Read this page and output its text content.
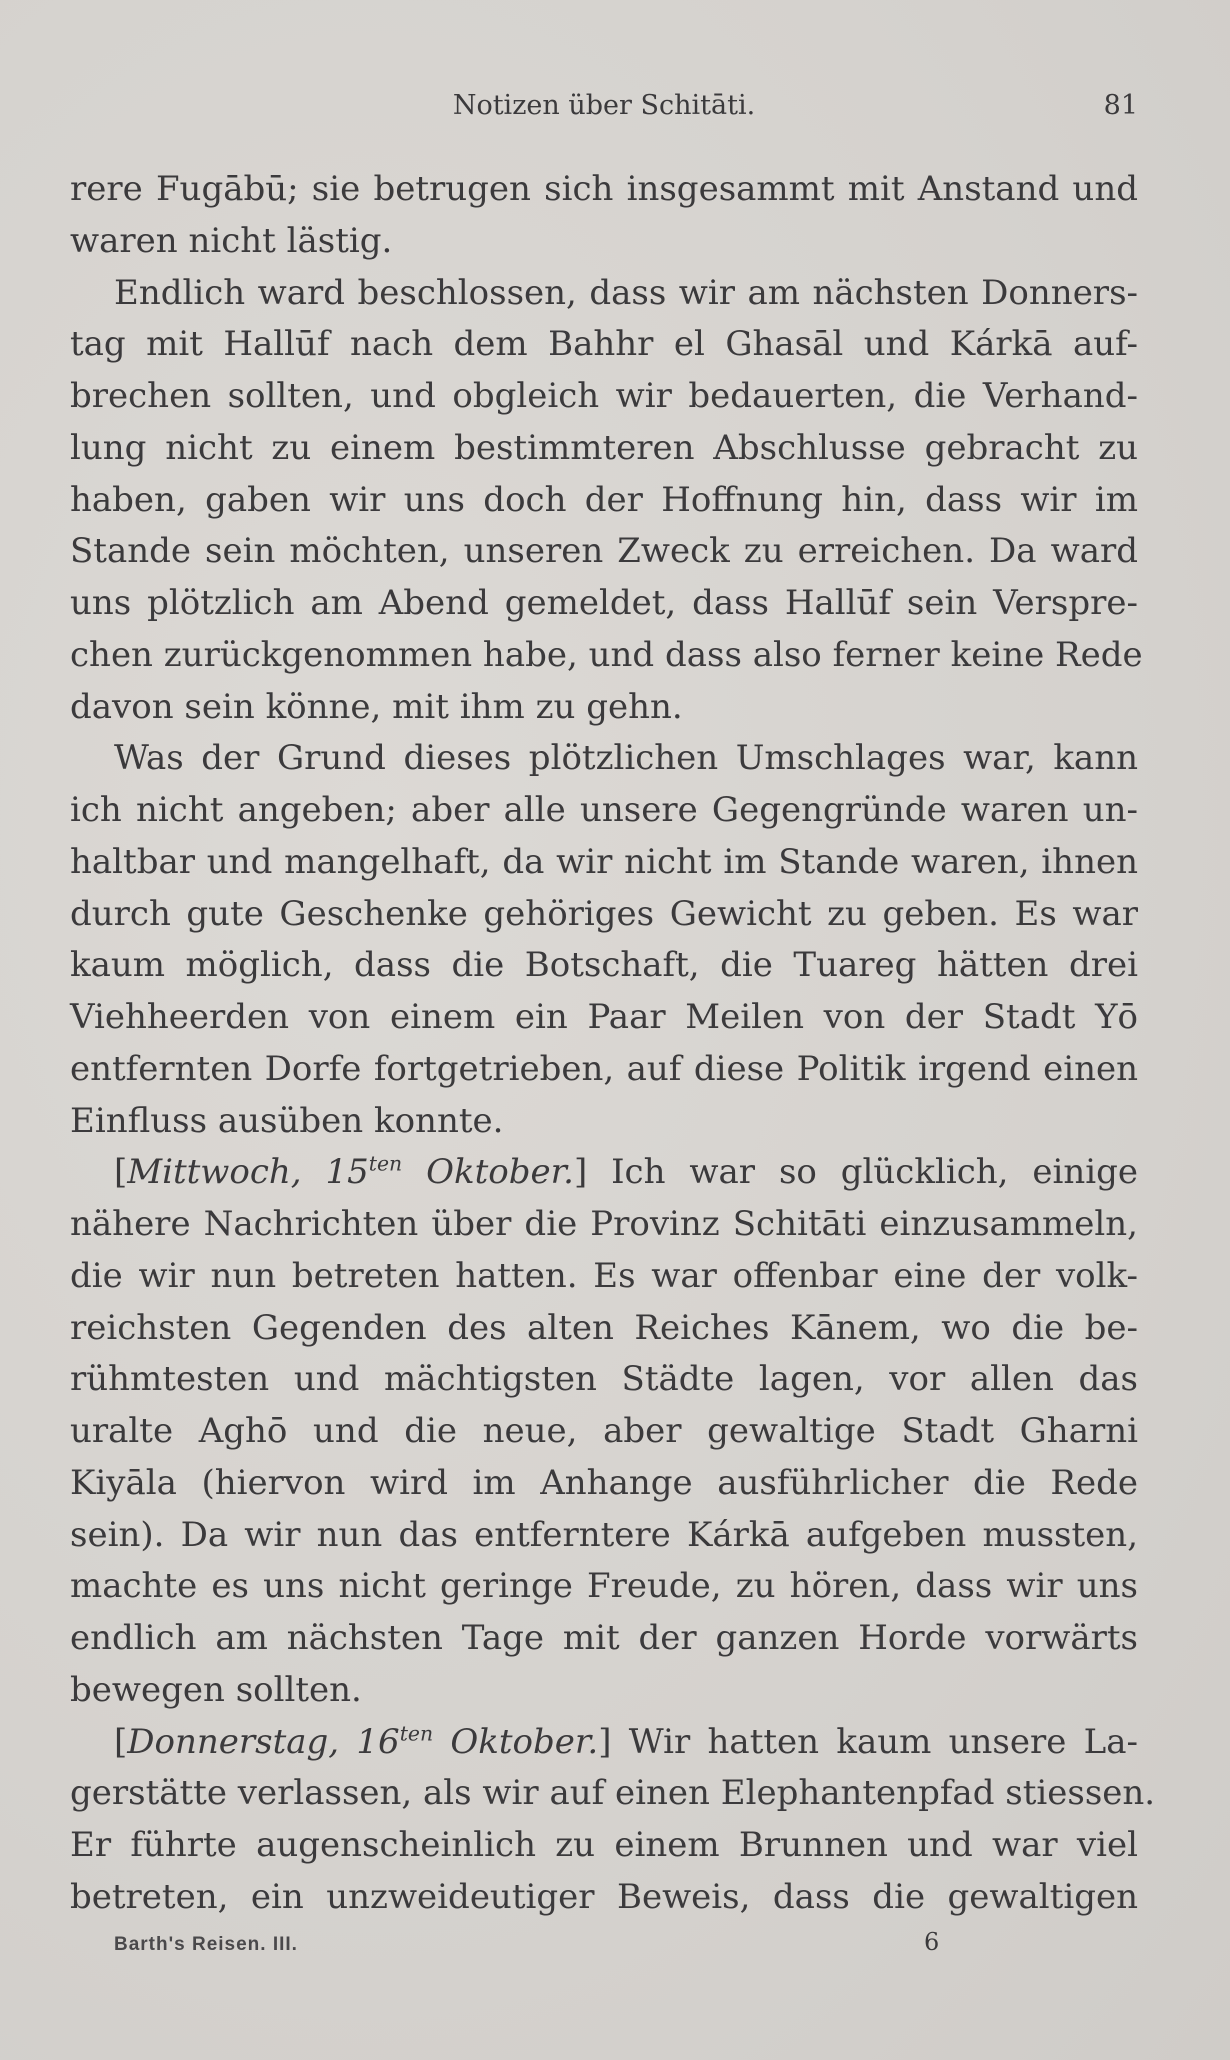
Notizen über Schitāti.	81
rere Fugābū; sie betrugen sich insgesammt mit Anstand und
waren nicht lästig.
Endlich ward beschlossen, dass wir am nächsten Donners-
tag mit Hallūf nach dem Bahhr el Ghasāl und Kárkā auf-
brechen sollten, und obgleich wir bedauerten, die Verhand-
lung nicht zu einem bestimmteren Abschlusse gebracht zu
haben, gaben wir uns doch der Hoffnung hin, dass wir im
Stande sein möchten, unseren Zweck zu erreichen. Da ward
uns plötzlich am Abend gemeldet, dass Hallūf sein Verspre-
chen zurückgenommen habe, und dass also ferner keine Rede
davon sein könne, mit ihm zu gehn.
Was der Grund dieses plötzlichen Umschlages war, kann
ich nicht angeben; aber alle unsere Gegengründe waren un-
haltbar und mangelhaft, da wir nicht im Stande waren, ihnen
durch gute Geschenke gehöriges Gewicht zu geben. Es war
kaum möglich, dass die Botschaft, die Tuareg hätten drei
Viehheerden von einem ein Paar Meilen von der Stadt Yō
entfernten Dorfe fortgetrieben, auf diese Politik irgend einen
Einfluss ausüben konnte.
[Mittwoch, $15^{ten}$ Oktober.] Ich war so glücklich, einige
nähere Nachrichten über die Provinz Schitāti einzusammeln,
die wir nun betreten hatten. Es war offenbar eine der volk-
reichsten Gegenden des alten Reiches Kānem, wo die be-
rühmtesten und mächtigsten Städte lagen, vor allen das
uralte Aghō und die neue, aber gewaltige Stadt Gharni
Kiyāla (hiervon wird im Anhange ausführlicher die Rede
sein). Da wir nun das entferntere Kárkā aufgeben mussten,
machte es uns nicht geringe Freude, zu hören, dass wir uns
endlich am nächsten Tage mit der ganzen Horde vorwärts
bewegen sollten.
[Donnerstag, $16^{ten}$ Oktober.] Wir hatten kaum unsere La-
gerstätte verlassen, als wir auf einen Elephantenpfad stiessen.
Er führte augenscheinlich zu einem Brunnen und war viel
betreten, ein unzweideutiger Beweis, dass die gewaltigen
Barth's Reisen. III.	6
